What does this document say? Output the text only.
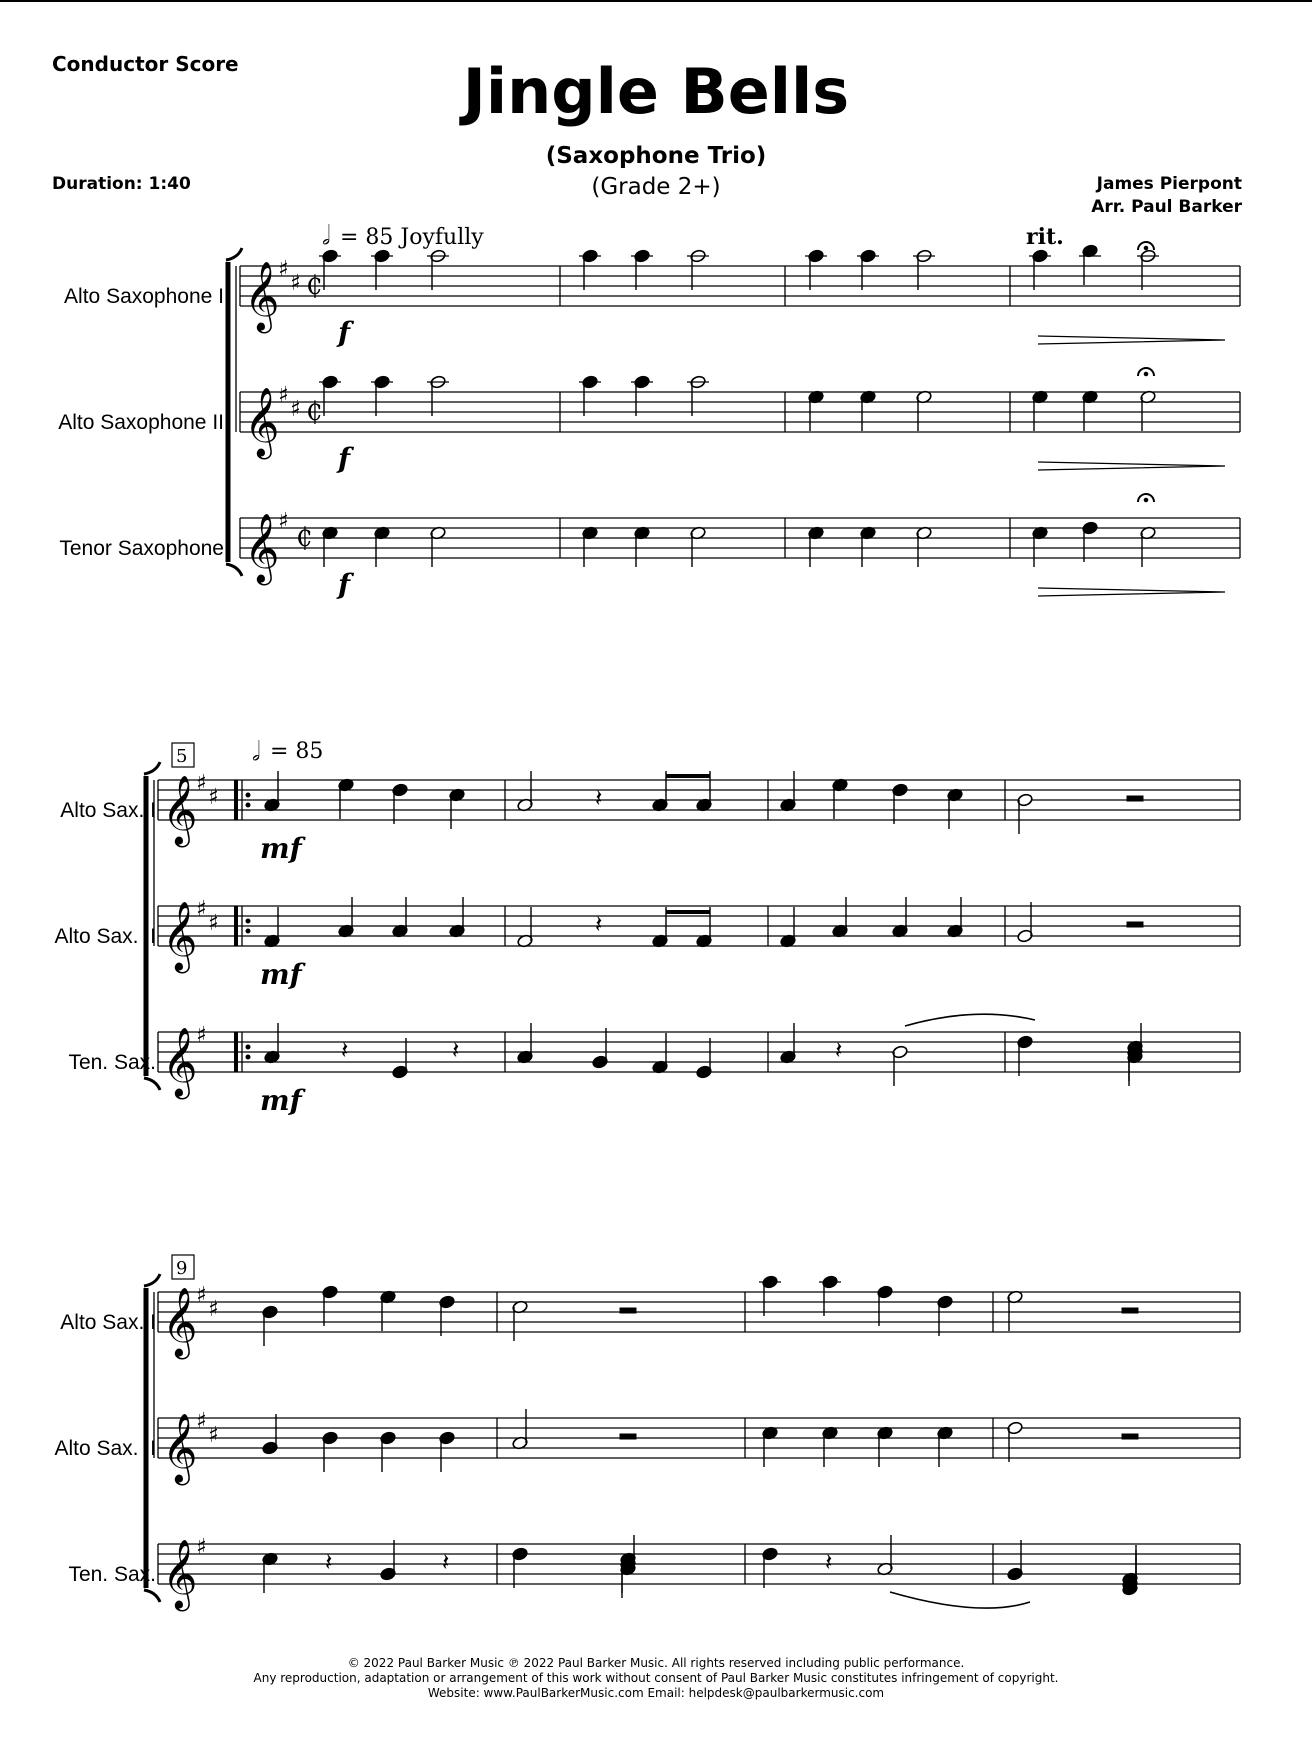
Conductor Score	Jingle Bells
(Saxophone Trio)
(Grade 2+)
Duration: 1:40	James Pierpont
Arr. Paul Barker
Alto Saxophone I
Alto Saxophone II
Tenor Saxophone
Alto Sax. I
Alto Sax. II
Ten. Sax.
Alto Sax. I
Alto Sax. II
Ten. Sax.
𝄞
♯
♯ ₵
𝄞
♯
♯ ₵
𝄞
♯
₵
𝄞
♯
♯
𝄞
♯
♯
𝄞
♯
𝄞
♯
♯
𝄞
♯
♯
𝄞
♯
f
f
f
𝅗𝅥 = 85 Joyfully	rit.
5 𝅗𝅥 = 85
𝄽
mf
𝄽
mf
𝄽	𝄽	𝄽
mf
9
𝄽	𝄽	𝄽
© 2022 Paul Barker Music ℗ 2022 Paul Barker Music. All rights reserved including public performance.
Any reproduction, adaptation or arrangement of this work without consent of Paul Barker Music constitutes infringement of copyright.
Website: www.PaulBarkerMusic.com Email: helpdesk@paulbarkermusic.com
